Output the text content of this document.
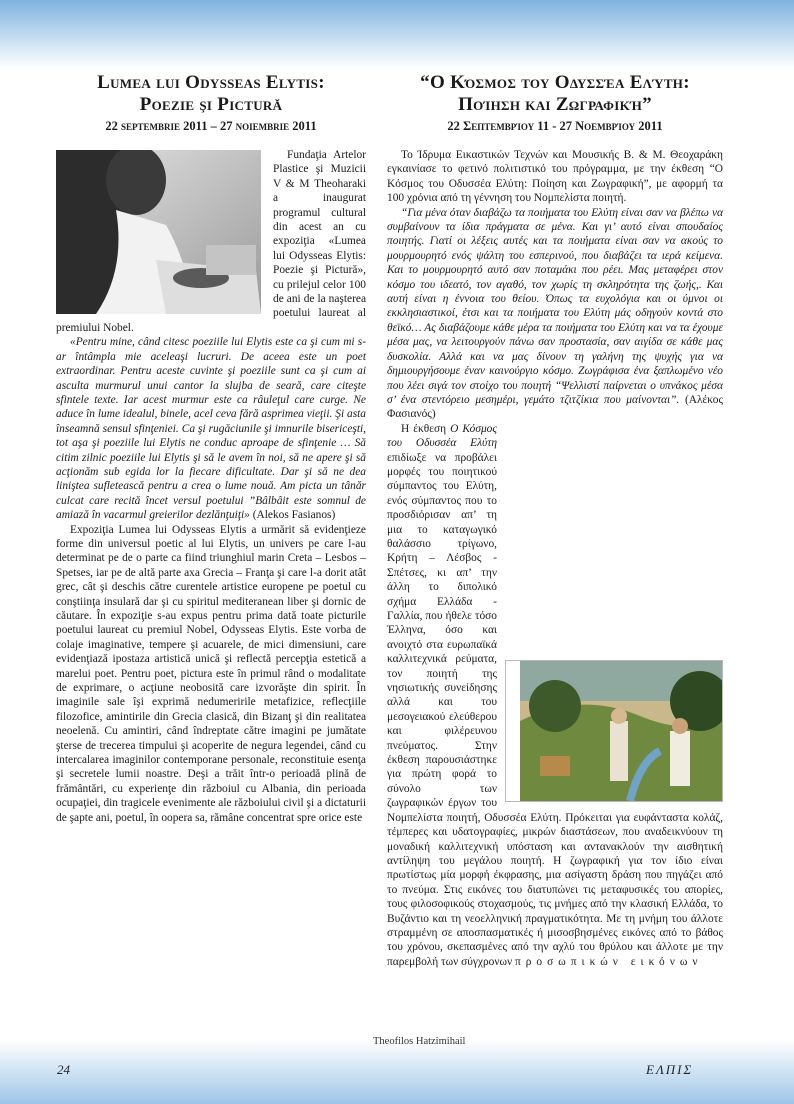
Lumea lui Odysseas Elytis:
Poezie şi Pictură
22 septembrie 2011 – 27 noiembrie 2011

Fundaţia Artelor Plastice şi Muzicii V & M Theoharaki a inaugurat programul cultural din acest an cu expoziţia «Lumea lui Odysseas Elytis: Poezie şi Pictură», cu prilejul celor 100 de ani de la naşterea poetului laureat al premiului Nobel.

«Pentru mine, când citesc poeziile lui Elytis este ca şi cum mi s-ar întâmpla mie aceleaşi lucruri. De aceea este un poet extraordinar. Pentru aceste cuvinte şi poeziile sunt ca şi cum ai asculta murmurul unui cantor la slujba de seară, care citeşte sfintele texte. Iar acest murmur este ca râuleţul care curge. Ne aduce în lume idealul, binele, acel ceva fără asprimea vieţii. Şi asta înseamnă sensul sfinţeniei. Ca şi rugăciunile şi imnurile bisericeşti, tot aşa şi poeziile lui Elytis ne conduc aproape de sfinţenie … Să citim zilnic poeziile lui Elytis şi să le avem în noi, să ne apere şi să acţionăm sub egida lor la fiecare dificultate. Dar şi să ne dea liniştea sufletească pentru a crea o lume nouă. Am picta un tânăr culcat care recită încet versul poetului ”Bâlbâit este somnul de amiază în vacarmul greierilor dezlănţuiţi» (Alekos Fasianos)

Expoziţia Lumea lui Odysseas Elytis a urmărit să evidenţieze forme din universul poetic al lui Elytis, un univers pe care l-au determinat pe de o parte ca fiind triunghiul marin Creta – Lesbos – Spetses, iar pe de altă parte axa Grecia – Franţa şi care l-a dorit atât grec, cât şi deschis către curentele artistice europene pe poetul cu conştiinţa insulară dar şi cu spiritul mediteranean liber şi dornic de căutare. În expoziţie s-au expus pentru prima dată toate picturile poetului laureat cu premiul Nobel, Odysseas Elytis. Este vorba de colaje imaginative, tempere şi acuarele, de mici dimensiuni, care evidenţiază ipostaza artistică unică şi reflectă percepţia estetică a marelui poet. Pentru poet, pictura este în primul rând o modalitate de exprimare, o acţiune neobosită care izvorăşte din spirit. În imaginile sale îşi exprimă nedumeririle metafizice, reflecţiile filozofice, amintirile din Grecia clasică, din Bizanţ şi din realitatea neoelenă. Cu amintiri, când îndreptate către imagini pe jumătate şterse de trecerea timpului şi acoperite de negura legendei, când cu intercalarea imaginilor contemporane personale, reconstituie esenţa şi secretele lumii noastre. Deşi a trăit într-o perioadă plină de frământări, cu experienţe din războiul cu Albania, din perioada ocupaţiei, din tragicele evenimente ale războiului civil şi a dictaturii de şapte ani, poetul, în oopera sa, rămâne concentrat spre orice este

“Ο Κόσμος του Οδυσσέα Ελύτη:
Ποίηση και Ζωγραφική”
22 Σεπτεμβρίου 11 - 27 Νοεμβρίου 2011

Το Ίδρυμα Εικαστικών Τεχνών και Μουσικής Β. & Μ. Θεοχαράκη εγκαινίασε το φετινό πολιτιστικό του πρόγραμμα, με την έκθεση “Ο Κόσμος του Οδυσσέα Ελύτη: Ποίηση και Ζωγραφική”, με αφορμή τα 100 χρόνια από τη γέννηση του Νομπελίστα ποιητή.

“Για μένα όταν διαβάζω τα ποιήματα του Ελύτη είναι σαν να βλέπω να συμβαίνουν τα ίδια πράγματα σε μένα. Και γι’ αυτό είναι σπουδαίος ποιητής. Γιατί οι λέξεις αυτές και τα ποιήματα είναι σαν να ακούς το μουρμουρητό ενός ψάλτη του εσπερινού, που διαβάζει τα ιερά κείμενα. Και το μουρμουρητό αυτό σαν ποταμάκι που ρέει. Μας μεταφέρει στον κόσμο του ιδεατό, τον αγαθό, τον χωρίς τη σκληρότητα της ζωής,. Και αυτή είναι η έννοια του θείου. Όπως τα ευχολόγια και οι ύμνοι οι εκκλησιαστικοί, έτσι και τα ποιήματα του Ελύτη μάς οδηγούν κοντά στο θεϊκό… Ας διαβάζουμε κάθε μέρα τα ποιήματα του Ελύτη και να τα έχουμε μέσα μας, να λειτουργούν πάνω σαν προστασία, σαν αιγίδα σε κάθε μας δυσκολία. Αλλά και να μας δίνουν τη γαλήνη της ψυχής για να δημιουργήσουμε έναν καινούργιο κόσμο. Ζωγράφισα ένα ξαπλωμένο νέο που λέει σιγά τον στοίχο του ποιητή “Ψελλιστί παίρνεται ο υπνάκος μέσα σ’ ένα στεντόρειο μεσημέρι, γεμάτο τζιτζίκια που μαίνονται”. (Αλέκος Φασιανός)

Η έκθεση Ο Κόσμος του Οδυσσέα Ελύτη επιδίωξε να προβάλει μορφές του ποιητικού σύμπαντος του Ελύτη, ενός σύμπαντος που το προσδιόρισαν απ’ τη μια το καταγωγικό θαλάσσιο τρίγωνο, Κρήτη – Λέσβος - Σπέτσες, κι απ’ την άλλη το διπολικό σχήμα Ελλάδα - Γαλλία, που ήθελε τόσο Έλληνα, όσο και ανοιχτό στα ευρωπαϊκά καλλιτεχνικά ρεύματα, τον ποιητή της νησιωτικής συνείδησης αλλά και του μεσογειακού ελεύθερου και φιλέρευνου πνεύματος. Στην έκθεση παρουσιάστηκε για πρώτη φορά το σύνολο των ζωγραφικών έργων του Νομπελίστα ποιητή, Οδυσσέα Ελύτη. Πρόκειται για ευφάνταστα κολάζ, τέμπερες και υδατογραφίες, μικρών διαστάσεων, που αναδεικνύουν τη μοναδική καλλιτεχνική υπόσταση και αντανακλούν την αισθητική αντίληψη του μεγάλου ποιητή. Η ζωγραφική για τον ίδιο είναι πρωτίστως μία μορφή έκφρασης, μια ασίγαστη δράση που πηγάζει από το πνεύμα. Στις εικόνες του διατυπώνει τις μεταφυσικές του απορίες, τους φιλοσοφικούς στοχασμούς, τις μνήμες από την κλασική Ελλάδα, το Βυζάντιο και τη νεοελληνική πραγματικότητα. Με τη μνήμη του άλλοτε στραμμένη σε αποσπασματικές ή μισοσβησμένες εικόνες από το βάθος του χρόνου, σκεπασμένες από την αχλύ του θρύλου και άλλοτε με την παρεμβολή των σύγχρονων προσωπικών εικόνων
Theofilos Hatzimihail
24	ΕΛΠΙΣ
